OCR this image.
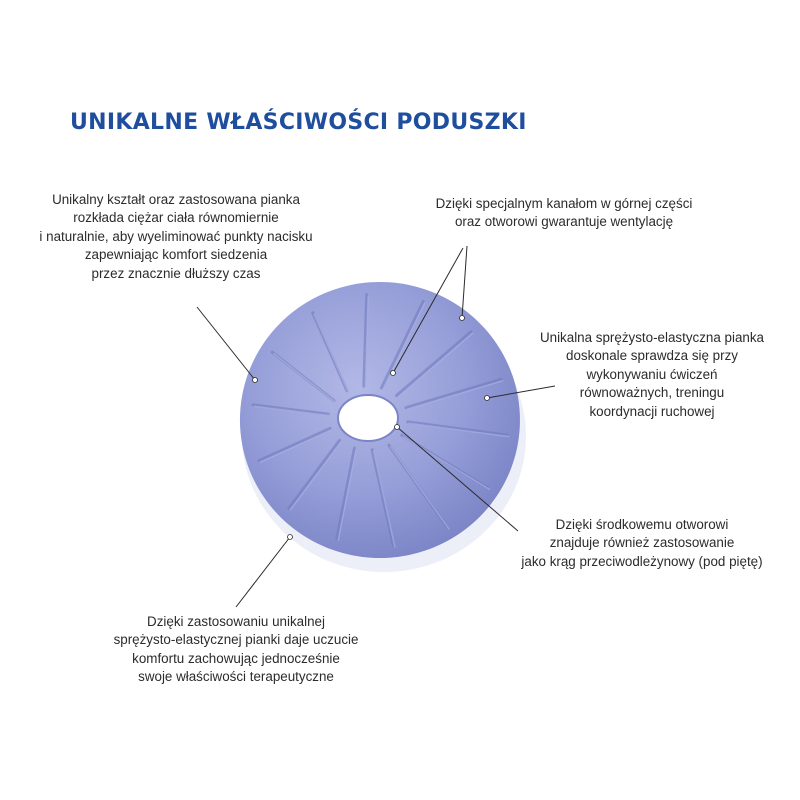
UNIKALNE WŁAŚCIWOŚCI PODUSZKI
Unikalny kształt oraz zastosowana pianka
rozkłada ciężar ciała równomiernie
i naturalnie, aby wyeliminować punkty nacisku
zapewniając komfort siedzenia
przez znacznie dłuższy czas
Dzięki specjalnym kanałom w górnej części
oraz otworowi gwarantuje wentylację
Unikalna sprężysto-elastyczna pianka
doskonale sprawdza się przy
wykonywaniu ćwiczeń
równoważnych, treningu
koordynacji ruchowej
Dzięki środkowemu otworowi
znajduje również zastosowanie
jako krąg przeciwodleżynowy (pod piętę)
Dzięki zastosowaniu unikalnej
sprężysto-elastycznej pianki daje uczucie
komfortu zachowując jednocześnie
swoje właściwości terapeutyczne
